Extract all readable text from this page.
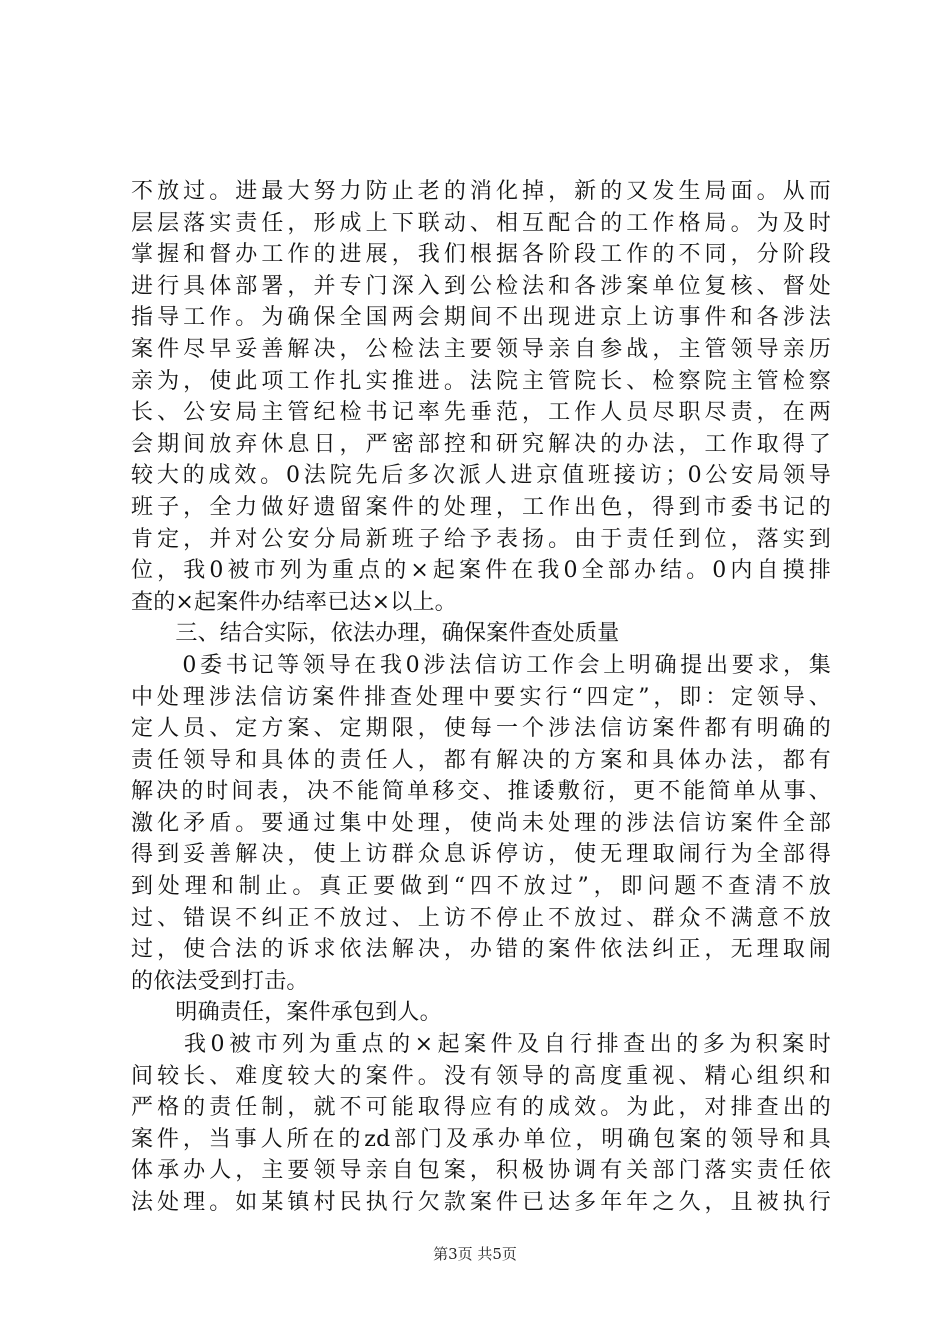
不放过。进最大努力防止老的消化掉，新的又发生局面。从而
层层落实责任，形成上下联动、相互配合的工作格局。为及时
掌握和督办工作的进展，我们根据各阶段工作的不同，分阶段
进行具体部署，并专门深入到公检法和各涉案单位复核、督处
指导工作。为确保全国两会期间不出现进京上访事件和各涉法
案件尽早妥善解决，公检法主要领导亲自参战，主管领导亲历
亲为，使此项工作扎实推进。法院主管院长、检察院主管检察
长、公安局主管纪检书记率先垂范，工作人员尽职尽责，在两
会期间放弃休息日，严密部控和研究解决的办法，工作取得了
较大的成效。0法院先后多次派人进京值班接访；0公安局领导
班子，全力做好遗留案件的处理，工作出色，得到市委书记的
肯定，并对公安分局新班子给予表扬。由于责任到位，落实到
位，我0被市列为重点的×起案件在我0全部办结。0内自摸排
查的×起案件办结率已达×以上。
　　三、结合实际，依法办理，确保案件查处质量
　　0委书记等领导在我0涉法信访工作会上明确提出要求，集
中处理涉法信访案件排查处理中要实行“四定”，即：定领导、
定人员、定方案、定期限，使每一个涉法信访案件都有明确的
责任领导和具体的责任人，都有解决的方案和具体办法，都有
解决的时间表，决不能简单移交、推诿敷衍，更不能简单从事、
激化矛盾。要通过集中处理，使尚未处理的涉法信访案件全部
得到妥善解决，使上访群众息诉停访，使无理取闹行为全部得
到处理和制止。真正要做到“四不放过”，即问题不查清不放
过、错误不纠正不放过、上访不停止不放过、群众不满意不放
过，使合法的诉求依法解决，办错的案件依法纠正，无理取闹
的依法受到打击。
　　明确责任，案件承包到人。
　　我0被市列为重点的×起案件及自行排查出的多为积案时
间较长、难度较大的案件。没有领导的高度重视、精心组织和
严格的责任制，就不可能取得应有的成效。为此，对排查出的
案件，当事人所在的zd部门及承办单位，明确包案的领导和具
体承办人，主要领导亲自包案，积极协调有关部门落实责任依
法处理。如某镇村民执行欠款案件已达多年年之久，且被执行
第3页 共5页
